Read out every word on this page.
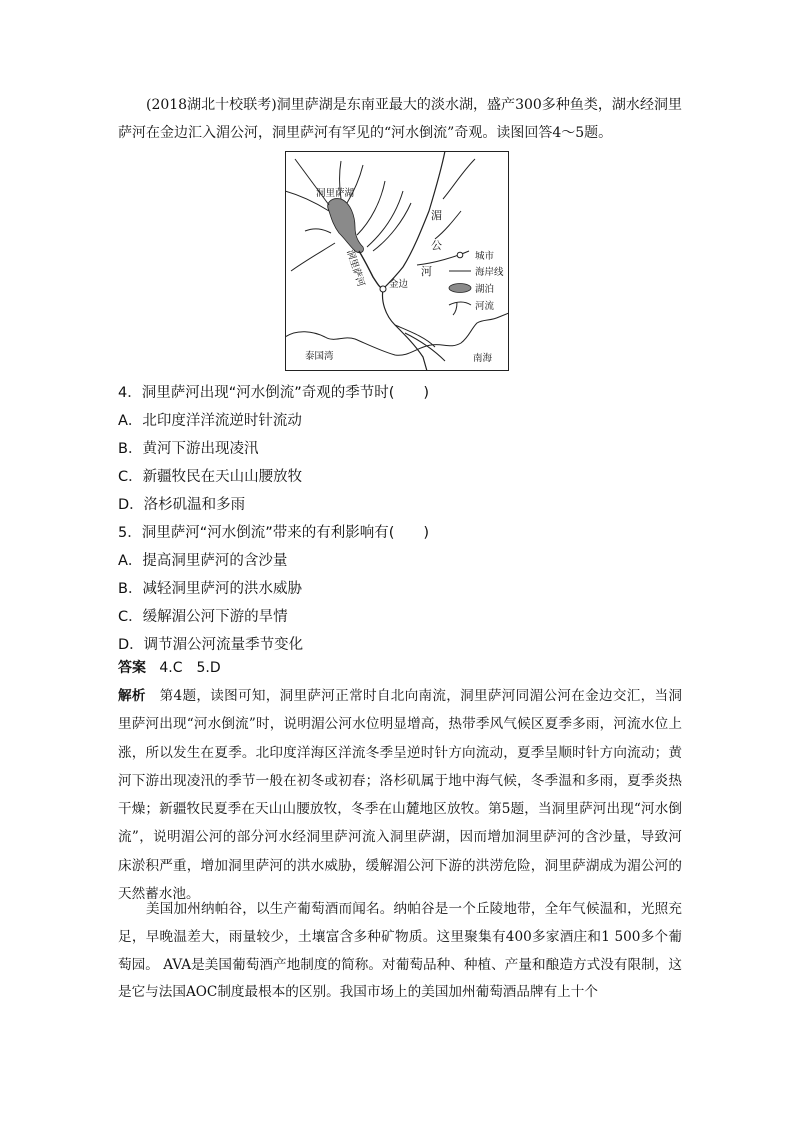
(2018湖北十校联考)洞里萨湖是东南亚最大的淡水湖，盛产300多种鱼类，湖水经洞里萨河在金边汇入湄公河，洞里萨河有罕见的“河水倒流”奇观。读图回答4～5题。

洞里萨湖
洞里萨河
湄
公
河
金边
泰国湾	南海
城市
海岸线
湖泊
河流
4．洞里萨河出现“河水倒流”奇观的季节时(　　)
A．北印度洋洋流逆时针流动
B．黄河下游出现凌汛
C．新疆牧民在天山山腰放牧
D．洛杉矶温和多雨
5．洞里萨河“河水倒流”带来的有利影响有(　　)
A．提高洞里萨河的含沙量
B．减轻洞里萨河的洪水威胁
C．缓解湄公河下游的旱情
D．调节湄公河流量季节变化
答案 4.C　5.D

解析 第4题，读图可知，洞里萨河正常时自北向南流，洞里萨河同湄公河在金边交汇，当洞里萨河出现“河水倒流”时，说明湄公河水位明显增高，热带季风气候区夏季多雨，河流水位上涨，所以发生在夏季。北印度洋海区洋流冬季呈逆时针方向流动，夏季呈顺时针方向流动；黄河下游出现凌汛的季节一般在初冬或初春；洛杉矶属于地中海气候，冬季温和多雨，夏季炎热干燥；新疆牧民夏季在天山山腰放牧，冬季在山麓地区放牧。第5题，当洞里萨河出现“河水倒流”，说明湄公河的部分河水经洞里萨河流入洞里萨湖，因而增加洞里萨河的含沙量，导致河床淤积严重，增加洞里萨河的洪水威胁，缓解湄公河下游的洪涝危险，洞里萨湖成为湄公河的天然蓄水池。

美国加州纳帕谷，以生产葡萄酒而闻名。纳帕谷是一个丘陵地带，全年气候温和，光照充足，早晚温差大，雨量较少，土壤富含多种矿物质。这里聚集有400多家酒庄和1 500多个葡萄园。 AVA是美国葡萄酒产地制度的简称。对葡萄品种、种植、产量和酿造方式没有限制，这是它与法国AOC制度最根本的区别。我国市场上的美国加州葡萄酒品牌有上十个
